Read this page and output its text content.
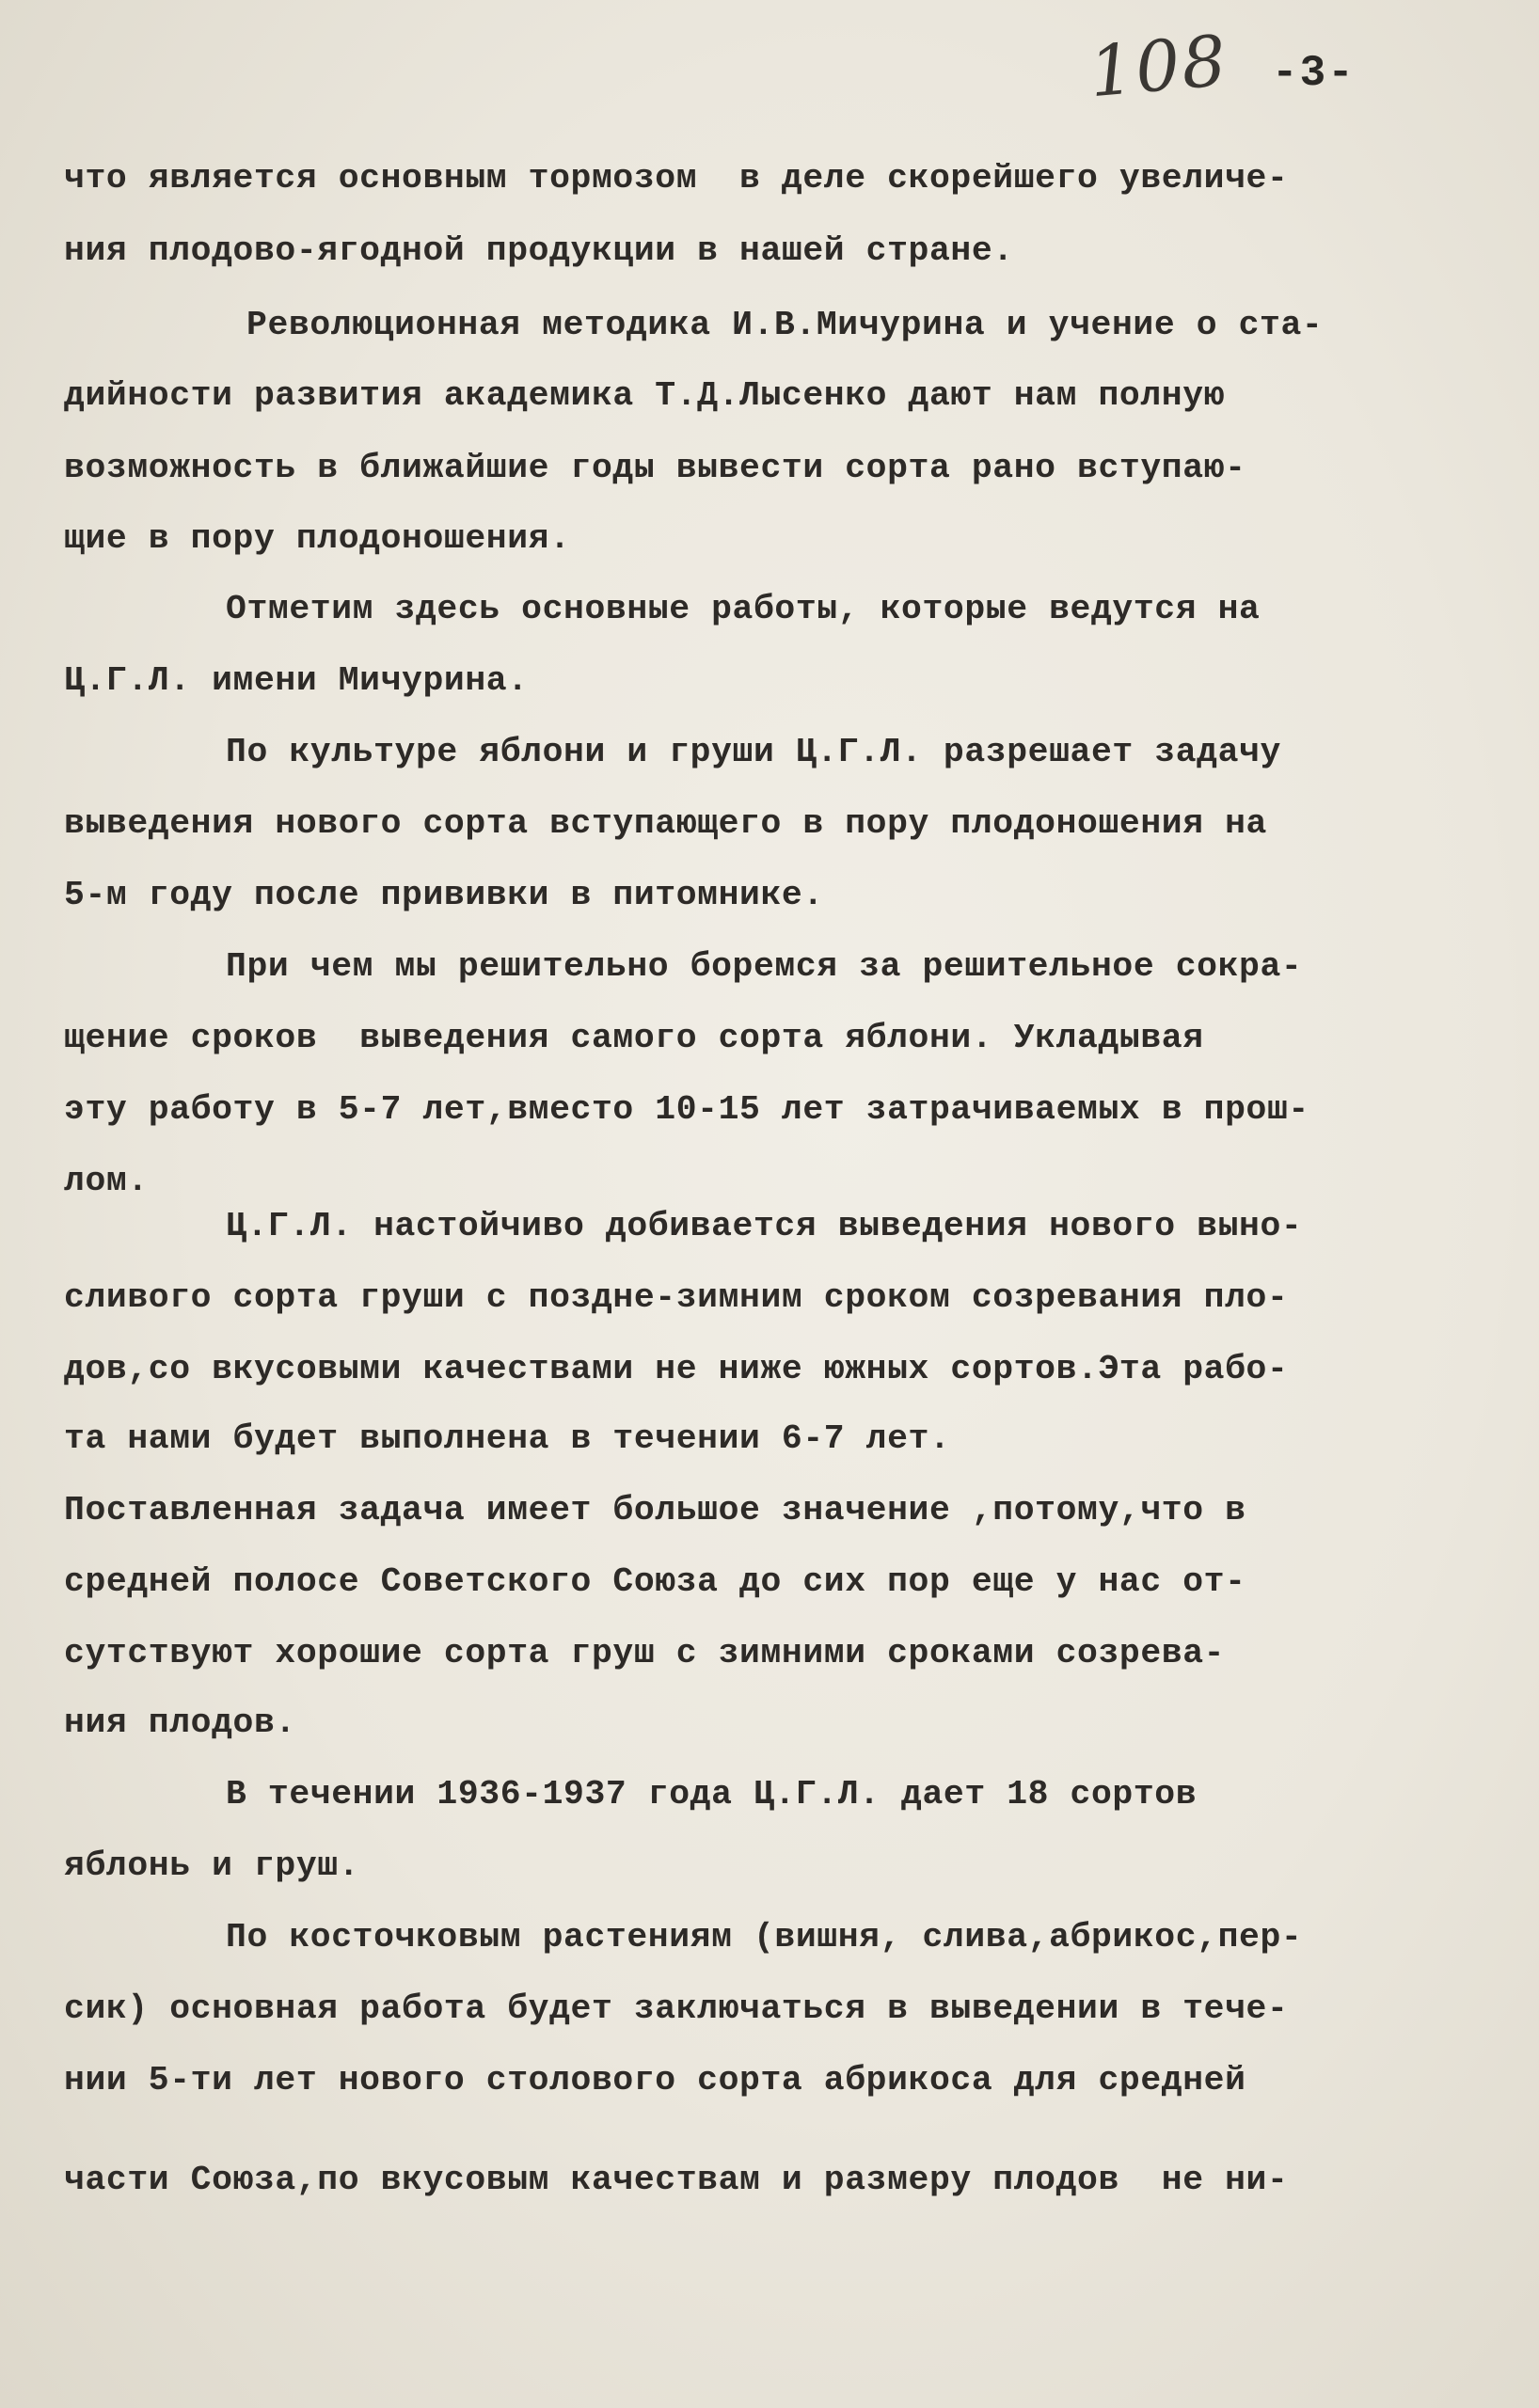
108 -3-

что является основным тормозом  в деле скорейшего увеличе-

ния плодово-ягодной продукции в нашей стране.

Революционная методика И.В.Мичурина и учение о ста-

дийности развития академика Т.Д.Лысенко дают нам полную

возможность в ближайшие годы вывести сорта рано вступаю-

щие в пору плодоношения.

Отметим здесь основные работы, которые ведутся на

Ц.Г.Л. имени Мичурина.

По культуре яблони и груши Ц.Г.Л. разрешает задачу

выведения нового сорта вступающего в пору плодоношения на

5-м году после прививки в питомнике.

При чем мы решительно боремся за решительное сокра-

щение сроков  выведения самого сорта яблони. Укладывая

эту работу в 5-7 лет,вместо 10-15 лет затрачиваемых в прош-

лом.

Ц.Г.Л. настойчиво добивается выведения нового выно-

сливого сорта груши с поздне-зимним сроком созревания пло-

дов,со вкусовыми качествами не ниже южных сортов.Эта рабо-

та нами будет выполнена в течении 6-7 лет.

Поставленная задача имеет большое значение ,потому,что в

средней полосе Советского Союза до сих пор еще у нас от-

сутствуют хорошие сорта груш с зимними сроками созрева-

ния плодов.

В течении 1936-1937 года Ц.Г.Л. дает 18 сортов

яблонь и груш.

По косточковым растениям (вишня, слива,абрикос,пер-

сик) основная работа будет заключаться в выведении в тече-

нии 5-ти лет нового столового сорта абрикоса для средней

части Союза,по вкусовым качествам и размеру плодов  не ни-
